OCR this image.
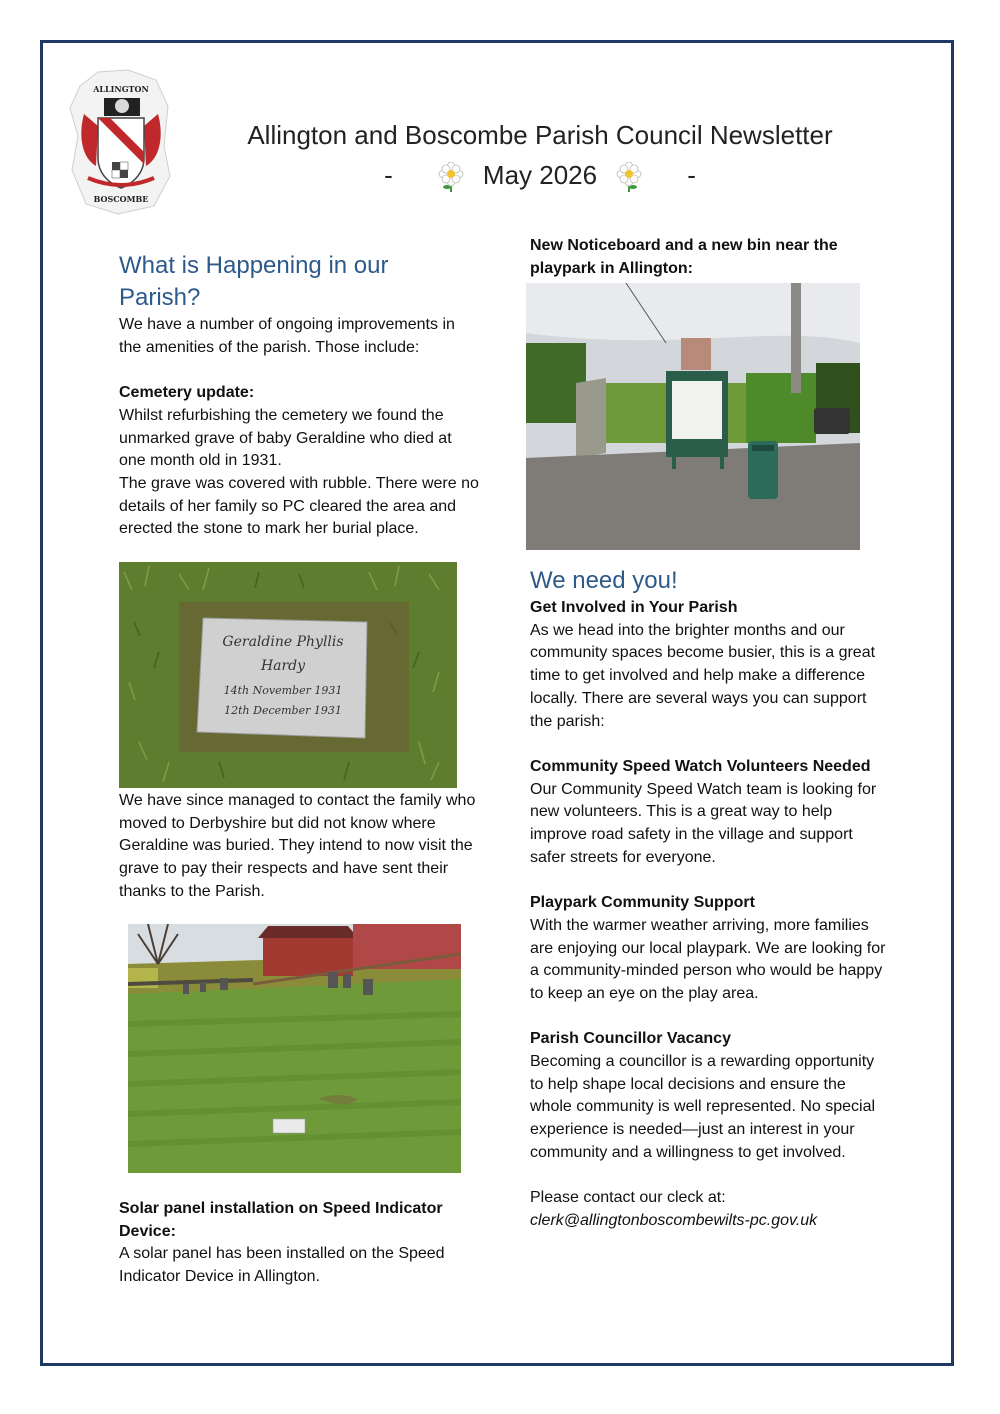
ALLINGTON
BOSCOMBE
Allington and Boscombe Parish Council Newsletter
-	May 2026	-
What is Happening in our
Parish?

We have a number of ongoing improvements in the amenities of the parish. Those include:

Cemetery update:

Whilst refurbishing the cemetery we found the unmarked grave of baby Geraldine who died at one month old in 1931.

The grave was covered with rubble. There were no details of her family so PC cleared the area and erected the stone to mark her burial place.

Geraldine Phyllis
Hardy
14th November 1931
12th December 1931

We have since managed to contact the family who moved to Derbyshire but did not know where Geraldine was buried. They intend to now visit the grave to pay their respects and have sent their thanks to the Parish.

Solar panel installation on Speed Indicator Device:

A solar panel has been installed on the Speed Indicator Device in Allington.

New Noticeboard and a new bin near the playpark in Allington:

We need you!

Get Involved in Your Parish

As we head into the brighter months and our community spaces become busier, this is a great time to get involved and help make a difference locally. There are several ways you can support the parish:

Community Speed Watch Volunteers Needed

Our Community Speed Watch team is looking for new volunteers. This is a great way to help improve road safety in the village and support safer streets for everyone.

Playpark Community Support

With the warmer weather arriving, more families are enjoying our local playpark. We are looking for a community-minded person who would be happy to keep an eye on the play area.

Parish Councillor Vacancy

Becoming a councillor is a rewarding opportunity to help shape local decisions and ensure the whole community is well represented. No special experience is needed—just an interest in your community and a willingness to get involved.

Please contact our cleck at:

clerk@allingtonboscombewilts-pc.gov.uk
